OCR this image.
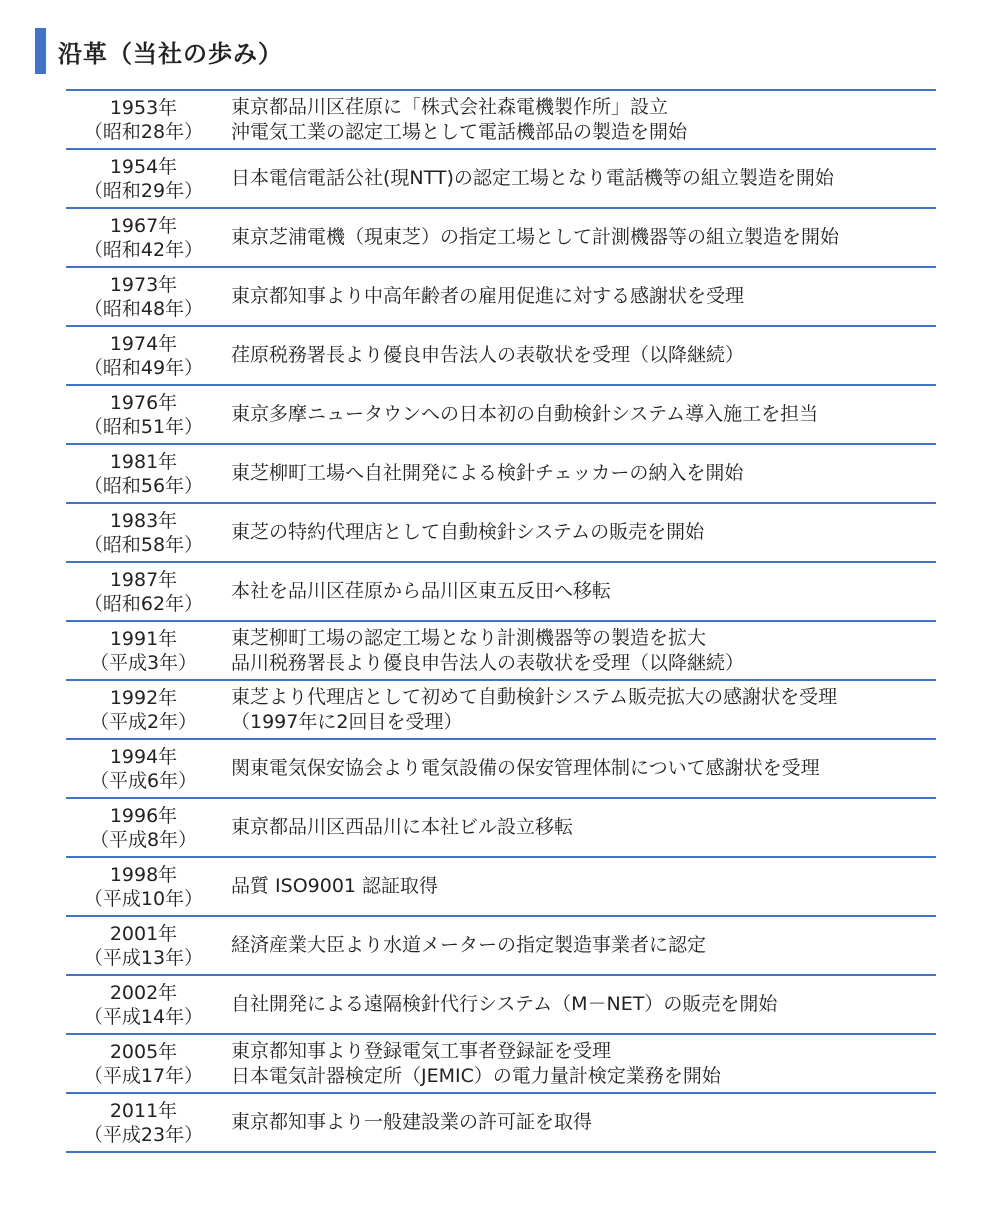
沿革（当社の歩み）
1953年
（昭和28年）
東京都品川区荏原に「株式会社森電機製作所」設立
沖電気工業の認定工場として電話機部品の製造を開始
1954年
（昭和29年）
日本電信電話公社(現NTT)の認定工場となり電話機等の組立製造を開始
1967年
（昭和42年）
東京芝浦電機（現東芝）の指定工場として計測機器等の組立製造を開始
1973年
（昭和48年）
東京都知事より中高年齢者の雇用促進に対する感謝状を受理
1974年
（昭和49年）
荏原税務署長より優良申告法人の表敬状を受理（以降継続）
1976年
（昭和51年）
東京多摩ニュータウンへの日本初の自動検針システム導入施工を担当
1981年
（昭和56年）
東芝柳町工場へ自社開発による検針チェッカーの納入を開始
1983年
（昭和58年）
東芝の特約代理店として自動検針システムの販売を開始
1987年
（昭和62年）
本社を品川区荏原から品川区東五反田へ移転
1991年
（平成3年）
東芝柳町工場の認定工場となり計測機器等の製造を拡大
品川税務署長より優良申告法人の表敬状を受理（以降継続）
1992年
（平成2年）
東芝より代理店として初めて自動検針システム販売拡大の感謝状を受理
（1997年に2回目を受理）
1994年
（平成6年）
関東電気保安協会より電気設備の保安管理体制について感謝状を受理
1996年
（平成8年）
東京都品川区西品川に本社ビル設立移転
1998年
（平成10年）
品質 ISO9001 認証取得
2001年
（平成13年）
経済産業大臣より水道メーターの指定製造事業者に認定
2002年
（平成14年）
自社開発による遠隔検針代行システム（M－NET）の販売を開始
2005年
（平成17年）
東京都知事より登録電気工事者登録証を受理
日本電気計器検定所（JEMIC）の電力量計検定業務を開始
2011年
（平成23年）
東京都知事より一般建設業の許可証を取得
